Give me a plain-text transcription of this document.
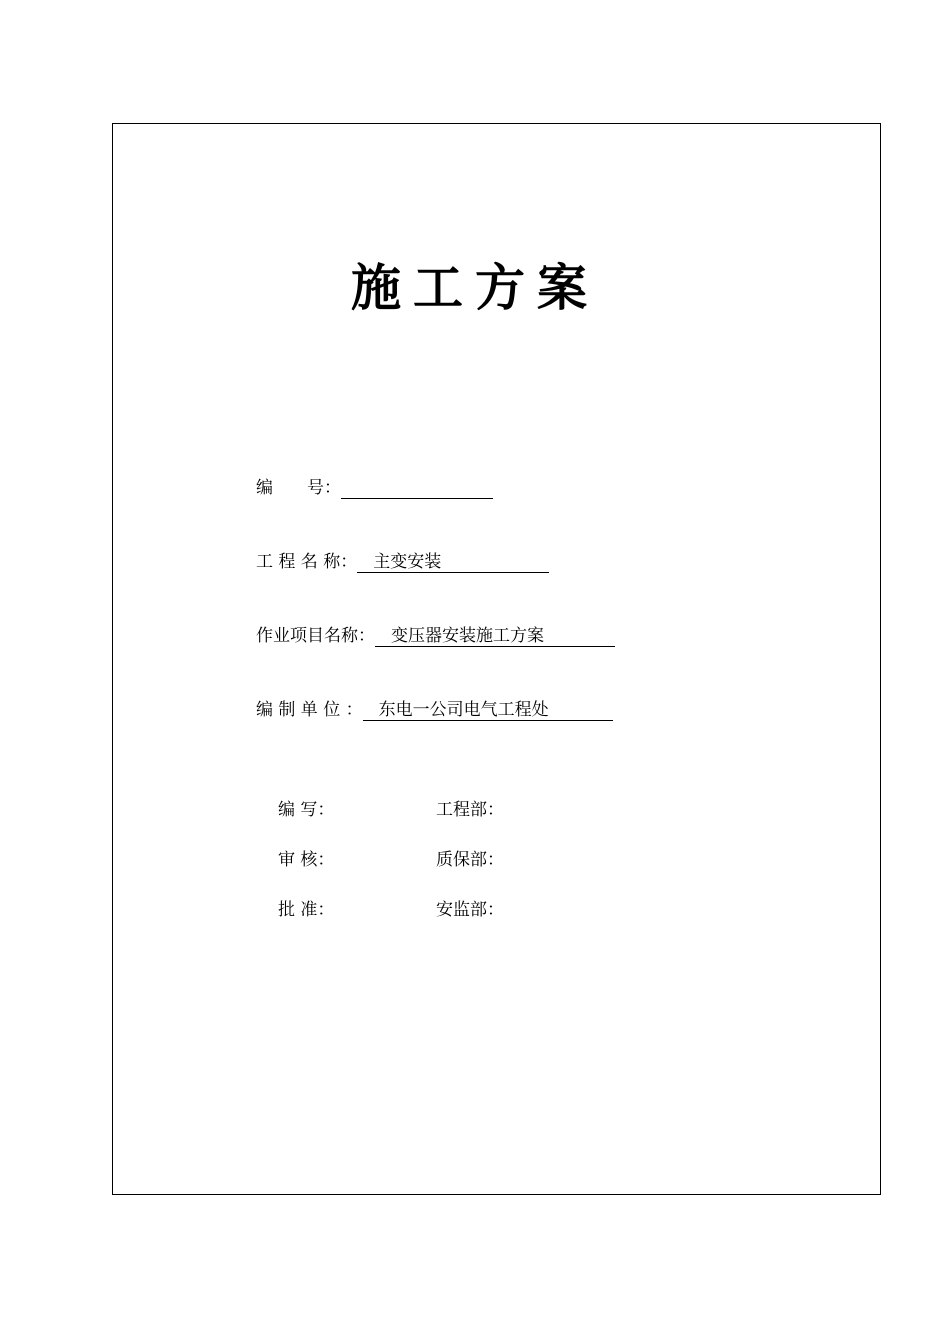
施工方案
编　　号：
工 程 名 称： 主变安装
作业项目名称： 变压器安装施工方案
编 制 单 位 ： 东电一公司电气工程处
编 写：
审 核：
批 准：
工程部：
质保部：
安监部：
